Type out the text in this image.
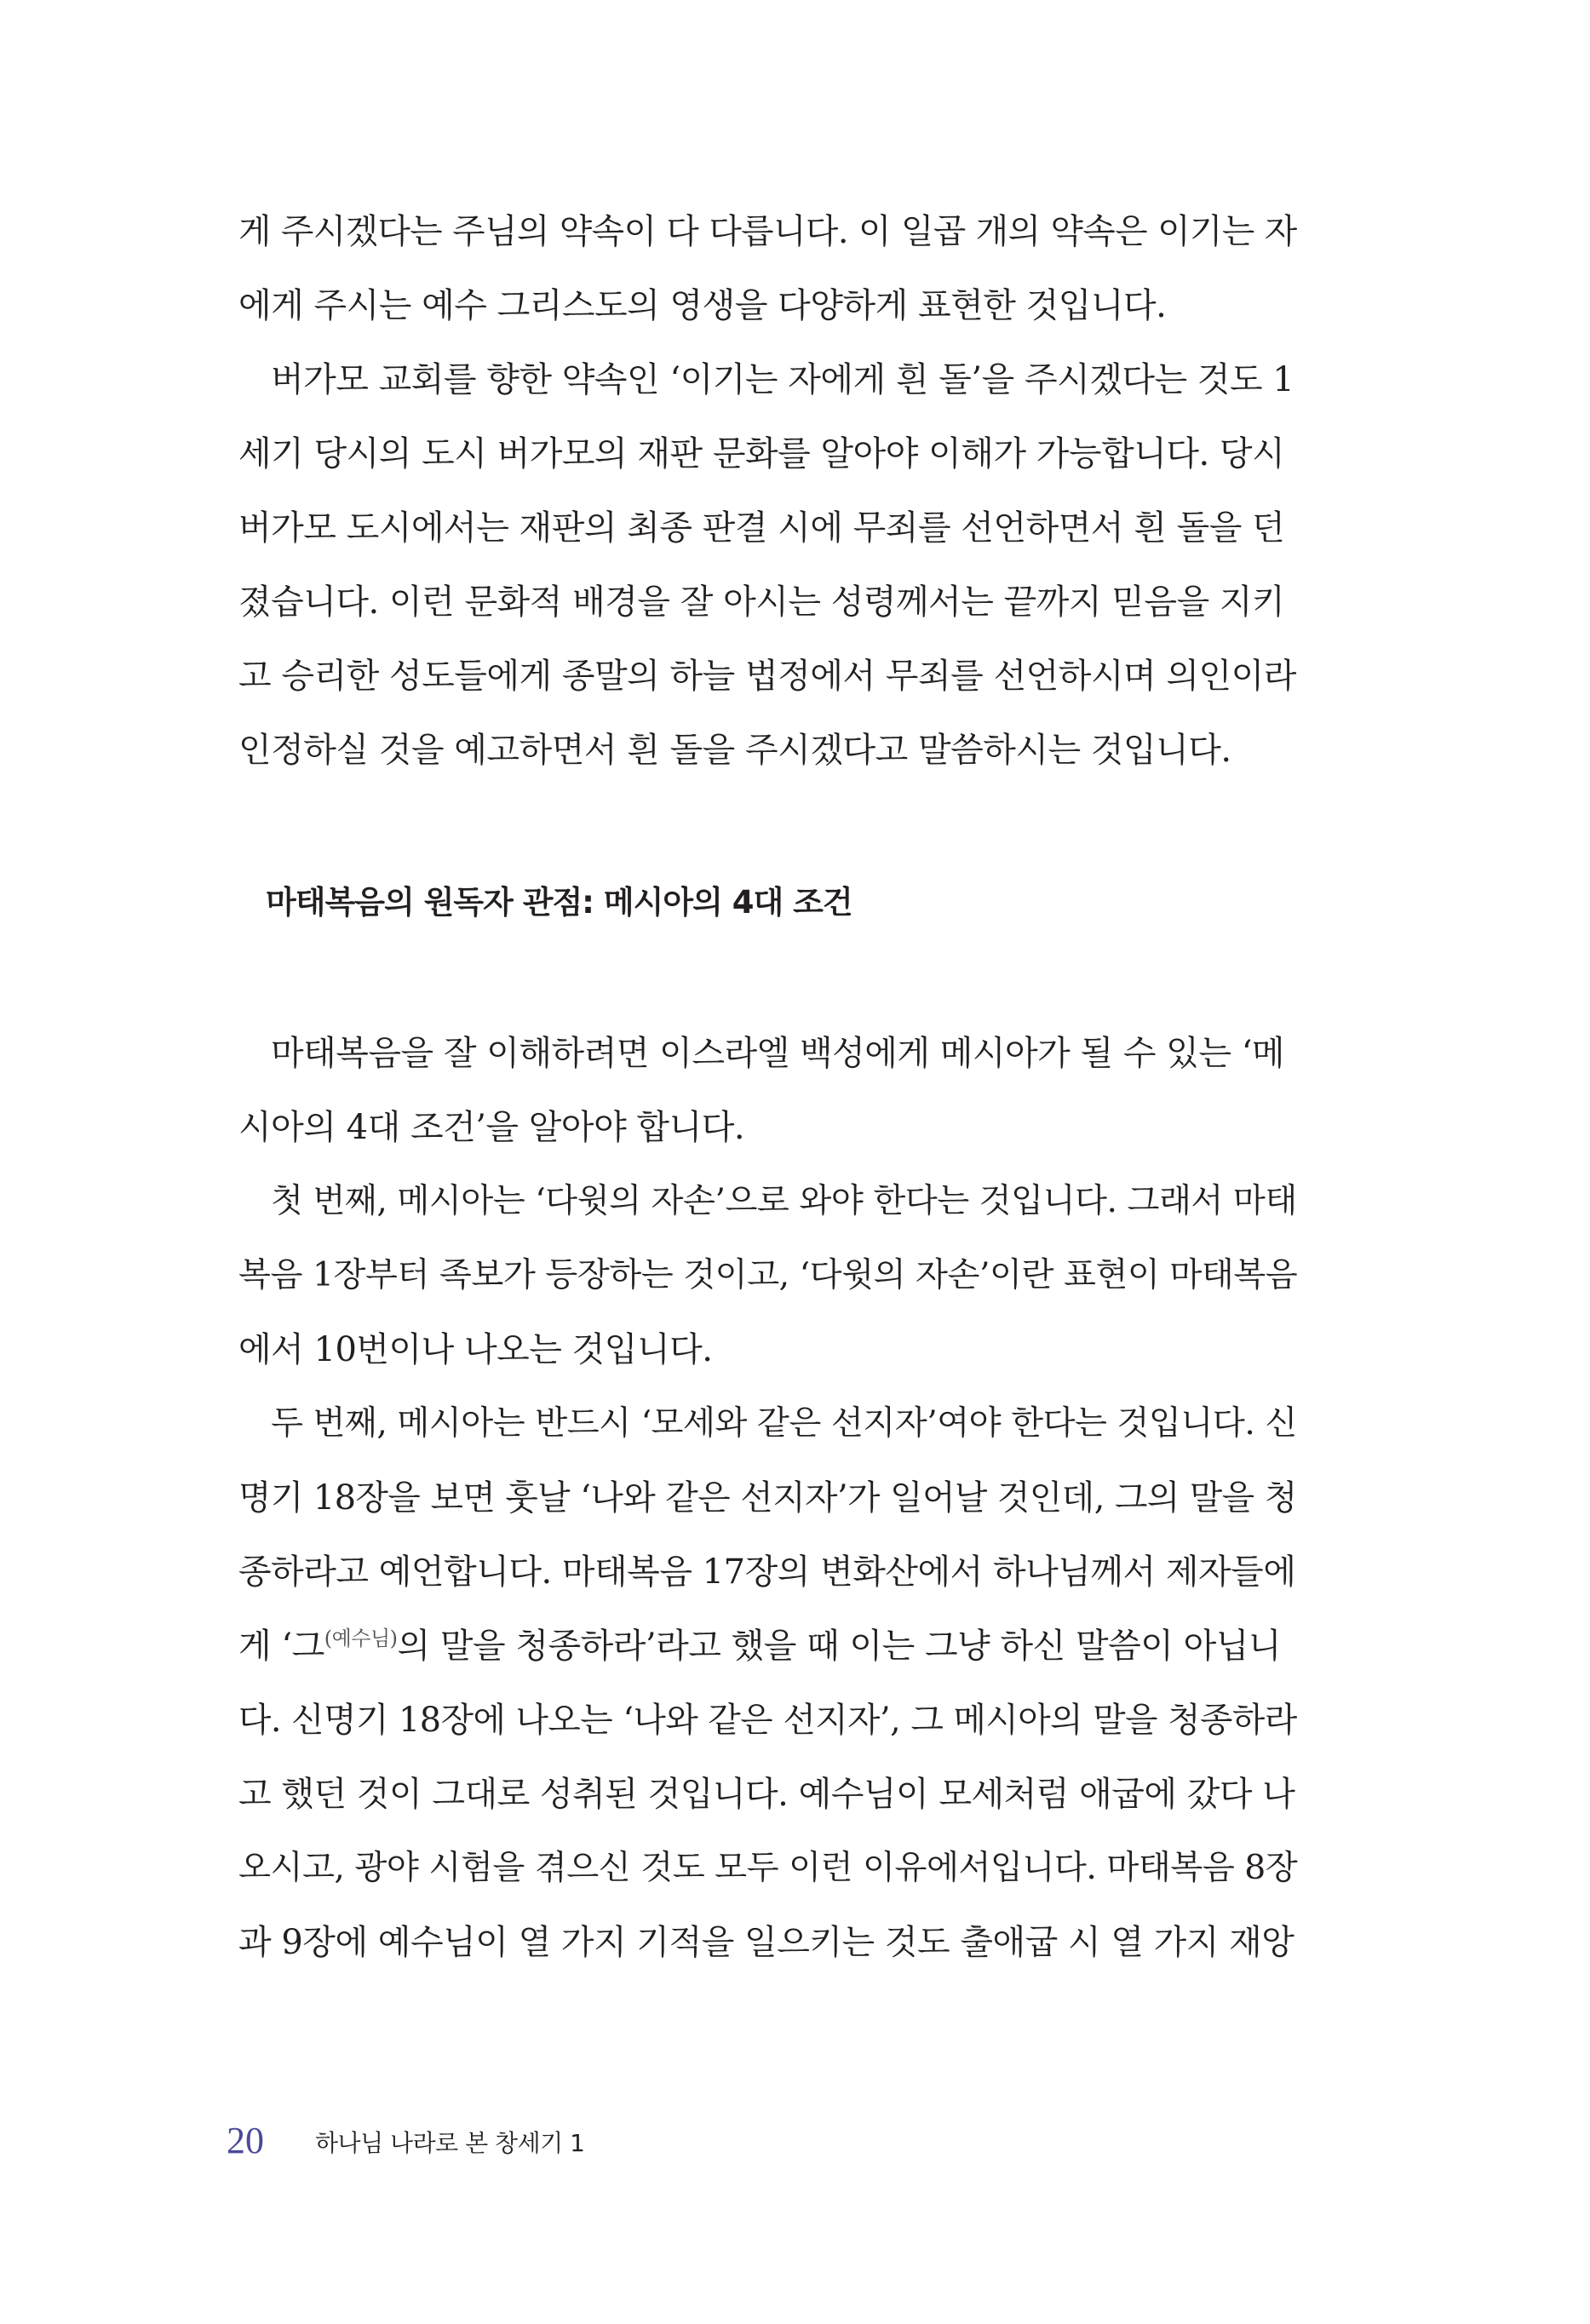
게 주시겠다는 주님의 약속이 다 다릅니다. 이 일곱 개의 약속은 이기는 자
에게 주시는 예수 그리스도의 영생을 다양하게 표현한 것입니다.
버가모 교회를 향한 약속인 ‘이기는 자에게 흰 돌’을 주시겠다는 것도 1
세기 당시의 도시 버가모의 재판 문화를 알아야 이해가 가능합니다. 당시
버가모 도시에서는 재판의 최종 판결 시에 무죄를 선언하면서 흰 돌을 던
졌습니다. 이런 문화적 배경을 잘 아시는 성령께서는 끝까지 믿음을 지키
고 승리한 성도들에게 종말의 하늘 법정에서 무죄를 선언하시며 의인이라
인정하실 것을 예고하면서 흰 돌을 주시겠다고 말씀하시는 것입니다.
마태복음의 원독자 관점: 메시아의 4대 조건
마태복음을 잘 이해하려면 이스라엘 백성에게 메시아가 될 수 있는 ‘메
시아의 4대 조건’을 알아야 합니다.
첫 번째, 메시아는 ‘다윗의 자손’으로 와야 한다는 것입니다. 그래서 마태
복음 1장부터 족보가 등장하는 것이고, ‘다윗의 자손’이란 표현이 마태복음
에서 10번이나 나오는 것입니다.
두 번째, 메시아는 반드시 ‘모세와 같은 선지자’여야 한다는 것입니다. 신
명기 18장을 보면 훗날 ‘나와 같은 선지자’가 일어날 것인데, 그의 말을 청
종하라고 예언합니다. 마태복음 17장의 변화산에서 하나님께서 제자들에
게 ‘그$^{(예수님)}$의 말을 청종하라’라고 했을 때 이는 그냥 하신 말씀이 아닙니
다. 신명기 18장에 나오는 ‘나와 같은 선지자’, 그 메시아의 말을 청종하라
고 했던 것이 그대로 성취된 것입니다. 예수님이 모세처럼 애굽에 갔다 나
오시고, 광야 시험을 겪으신 것도 모두 이런 이유에서입니다. 마태복음 8장
과 9장에 예수님이 열 가지 기적을 일으키는 것도 출애굽 시 열 가지 재앙
20 하나님 나라로 본 창세기 1
